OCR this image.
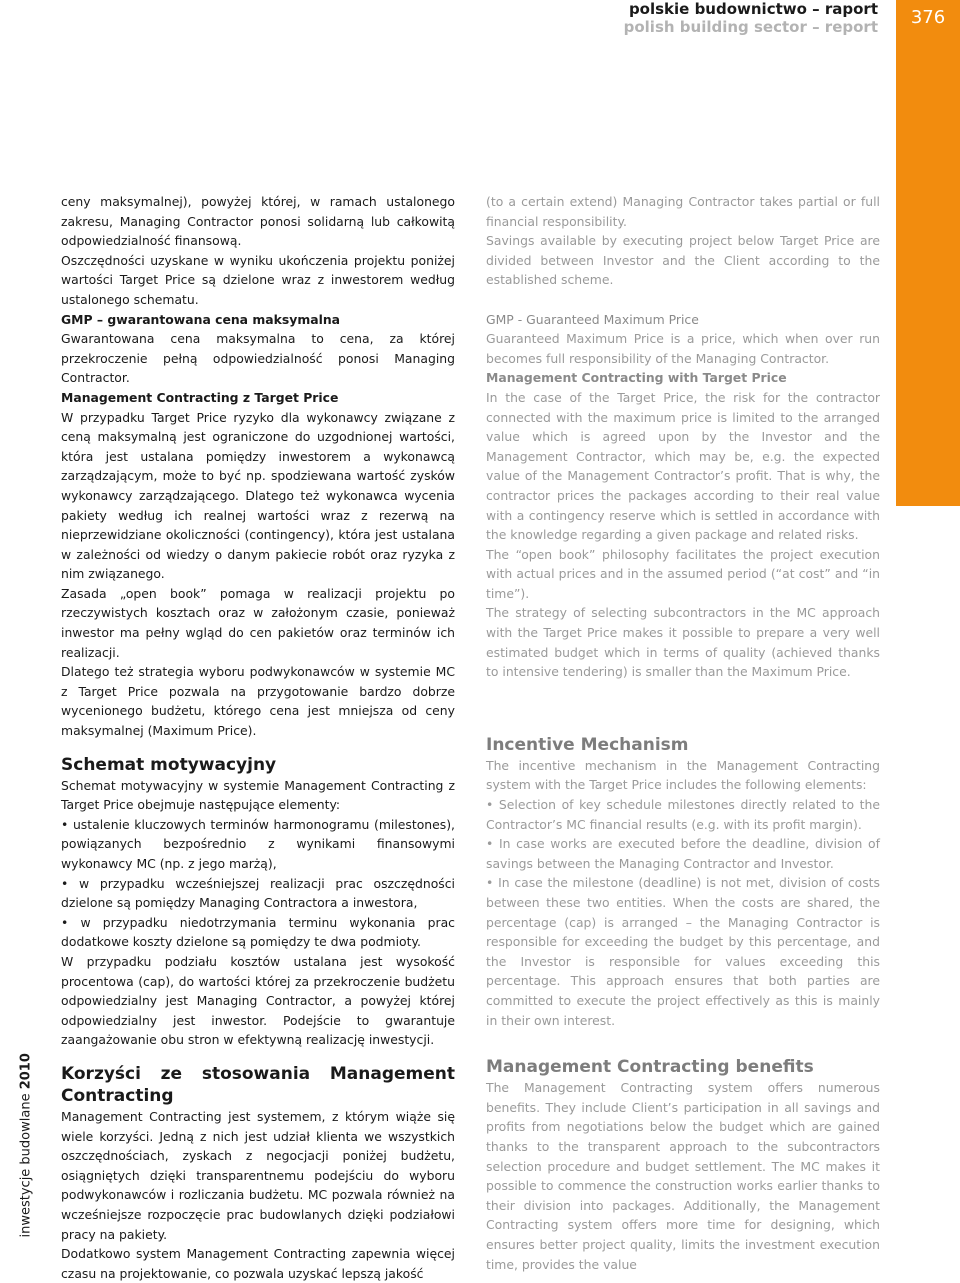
polskie budownictwo – raport
polish building sector – report	376
inwestycje budowlane 2010

ceny maksymalnej), powyżej której, w ramach ustalonego zakresu, Managing Contractor ponosi solidarną lub całkowitą odpowiedzialność finansową.

Oszczędności uzyskane w wyniku ukończenia projektu poniżej wartości Target Price są dzielone wraz z inwestorem według ustalonego schematu.

GMP – gwarantowana cena maksymalna

Gwarantowana cena maksymalna to cena, za której przekroczenie pełną odpowiedzialność ponosi Managing Contractor.

Management Contracting z Target Price

W przypadku Target Price ryzyko dla wykonawcy związane z ceną maksymalną jest ograniczone do uzgodnionej wartości, która jest ustalana pomiędzy inwestorem a wykonawcą zarządzającym, może to być np. spodziewana wartość zysków wykonawcy zarządzającego. Dlatego też wykonawca wycenia pakiety według ich realnej wartości wraz z rezerwą na nieprzewidziane okoliczności (contingency), która jest ustalana w zależności od wiedzy o danym pakiecie robót oraz ryzyka z nim związanego.

Zasada „open book” pomaga w realizacji projektu po rzeczywistych kosztach oraz w założonym czasie, ponieważ inwestor ma pełny wgląd do cen pakietów oraz terminów ich realizacji.

Dlatego też strategia wyboru podwykonawców w systemie MC z Target Price pozwala na przygotowanie bardzo dobrze wycenionego budżetu, którego cena jest mniejsza od ceny maksymalnej (Maximum Price).

Schemat motywacyjny

Schemat motywacyjny w systemie Management Contracting z Target Price obejmuje następujące elementy:

• ustalenie kluczowych terminów harmonogramu (milestones), powiązanych bezpośrednio z wynikami finansowymi wykonawcy MC (np. z jego marżą),
• w przypadku wcześniejszej realizacji prac oszczędności dzielone są pomiędzy Managing Contractora a inwestora,
• w przypadku niedotrzymania terminu wykonania prac dodatkowe koszty dzielone są pomiędzy te dwa podmioty.

W przypadku podziału kosztów ustalana jest wysokość procentowa (cap), do wartości której za przekroczenie budżetu odpowiedzialny jest Managing Contractor, a powyżej której odpowiedzialny jest inwestor. Podejście to gwarantuje zaangażowanie obu stron w efektywną realizację inwestycji.

Korzyści ze stosowania Management Contracting

Management Contracting jest systemem, z którym wiąże się wiele korzyści. Jedną z nich jest udział klienta we wszystkich oszczędnościach, zyskach z negocjacji poniżej budżetu, osiągniętych dzięki transparentnemu podejściu do wyboru podwykonawców i rozliczania budżetu. MC pozwala również na wcześniejsze rozpoczęcie prac budowlanych dzięki podziałowi pracy na pakiety.

Dodatkowo system Management Contracting zapewnia więcej czasu na projektowanie, co pozwala uzyskać lepszą jakość

(to a certain extend) Managing Contractor takes partial or full financial responsibility.

Savings available by executing project below Target Price are divided between Investor and the Client according to the established scheme.

GMP - Guaranteed Maximum Price

Guaranteed Maximum Price is a price, which when over run becomes full responsibility of the Managing Contractor.

Management Contracting with Target Price

In the case of the Target Price, the risk for the contractor connected with the maximum price is limited to the arranged value which is agreed upon by the Investor and the Management Contractor, which may be, e.g. the expected value of the Management Contractor’s profit. That is why, the contractor prices the packages according to their real value with a contingency reserve which is settled in accordance with the knowledge regarding a given package and related risks.

The “open book” philosophy facilitates the project execution with actual prices and in the assumed period (“at cost” and “in time”).

The strategy of selecting subcontractors in the MC approach with the Target Price makes it possible to prepare a very well estimated budget which in terms of quality (achieved thanks to intensive tendering) is smaller than the Maximum Price.

Incentive Mechanism

The incentive mechanism in the Management Contracting system with the Target Price includes the following elements:

• Selection of key schedule milestones directly related to the Contractor’s MC financial results (e.g. with its profit margin).
• In case works are executed before the deadline, division of savings between the Managing Contractor and Investor.
• In case the milestone (deadline) is not met, division of costs between these two entities. When the costs are shared, the percentage (cap) is arranged – the Managing Contractor is responsible for exceeding the budget by this percentage, and the Investor is responsible for values exceeding this percentage. This approach ensures that both parties are committed to execute the project effectively as this is mainly in their own interest.

Management Contracting benefits

The Management Contracting system offers numerous benefits. They include Client’s participation in all savings and profits from negotiations below the budget which are gained thanks to the transparent approach to the subcontractors selection procedure and budget settlement. The MC makes it possible to commence the construction works earlier thanks to their division into packages. Additionally, the Management Contracting system offers more time for designing, which ensures better project quality, limits the investment execution time, provides the value
